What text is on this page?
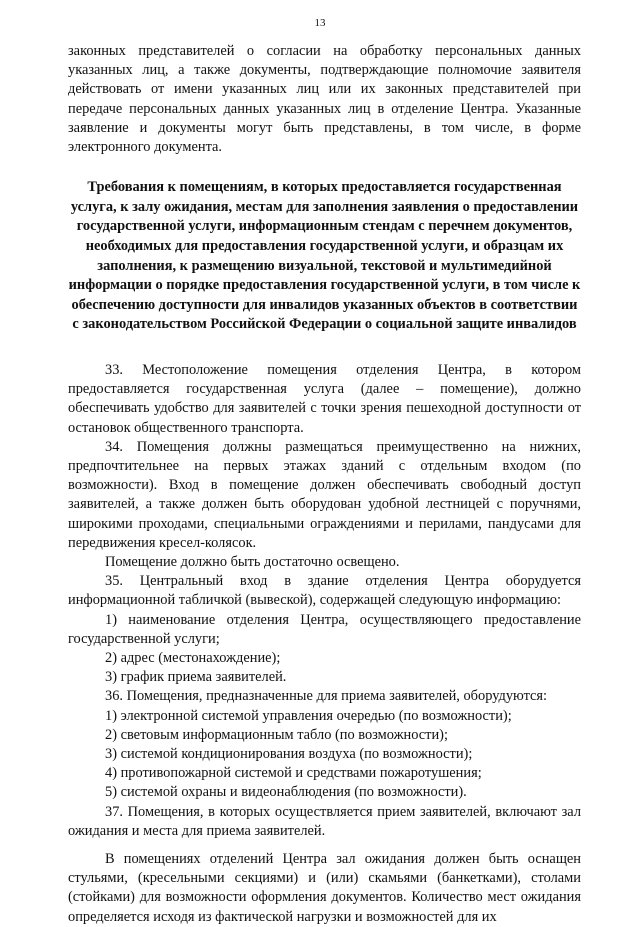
13

законных представителей о согласии на обработку персональных данных указанных лиц, а также документы, подтверждающие полномочие заявителя действовать от имени указанных лиц или их законных представителей при передаче персональных данных указанных лиц в отделение Центра. Указанные заявление и документы могут быть представлены, в том числе, в форме электронного документа.

Требования к помещениям, в которых предоставляется государственная услуга, к залу ожидания, местам для заполнения заявления о предоставлении государственной услуги, информационным стендам с перечнем документов, необходимых для предоставления государственной услуги, и образцам их заполнения, к размещению визуальной, текстовой и мультимедийной информации о порядке предоставления государственной услуги, в том числе к обеспечению доступности для инвалидов указанных объектов в соответствии с законодательством Российской Федерации о социальной защите инвалидов

33. Местоположение помещения отделения Центра, в котором предоставляется государственная услуга (далее – помещение), должно обеспечивать удобство для заявителей с точки зрения пешеходной доступности от остановок общественного транспорта.

34. Помещения должны размещаться преимущественно на нижних, предпочтительнее на первых этажах зданий с отдельным входом (по возможности). Вход в помещение должен обеспечивать свободный доступ заявителей, а также должен быть оборудован удобной лестницей с поручнями, широкими проходами, специальными ограждениями и перилами, пандусами для передвижения кресел-колясок.

Помещение должно быть достаточно освещено.

35. Центральный вход в здание отделения Центра оборудуется информационной табличкой (вывеской), содержащей следующую информацию:

1) наименование отделения Центра, осуществляющего предоставление государственной услуги;

2) адрес (местонахождение);

3) график приема заявителей.

36. Помещения, предназначенные для приема заявителей, оборудуются:

1) электронной системой управления очередью (по возможности);

2) световым информационным табло (по возможности);

3) системой кондиционирования воздуха (по возможности);

4) противопожарной системой и средствами пожаротушения;

5) системой охраны и видеонаблюдения (по возможности).

37. Помещения, в которых осуществляется прием заявителей, включают зал ожидания и места для приема заявителей.

В помещениях отделений Центра зал ожидания должен быть оснащен стульями, (кресельными секциями) и (или) скамьями (банкетками), столами (стойками) для возможности оформления документов. Количество мест ожидания определяется исходя из фактической нагрузки и возможностей для их
